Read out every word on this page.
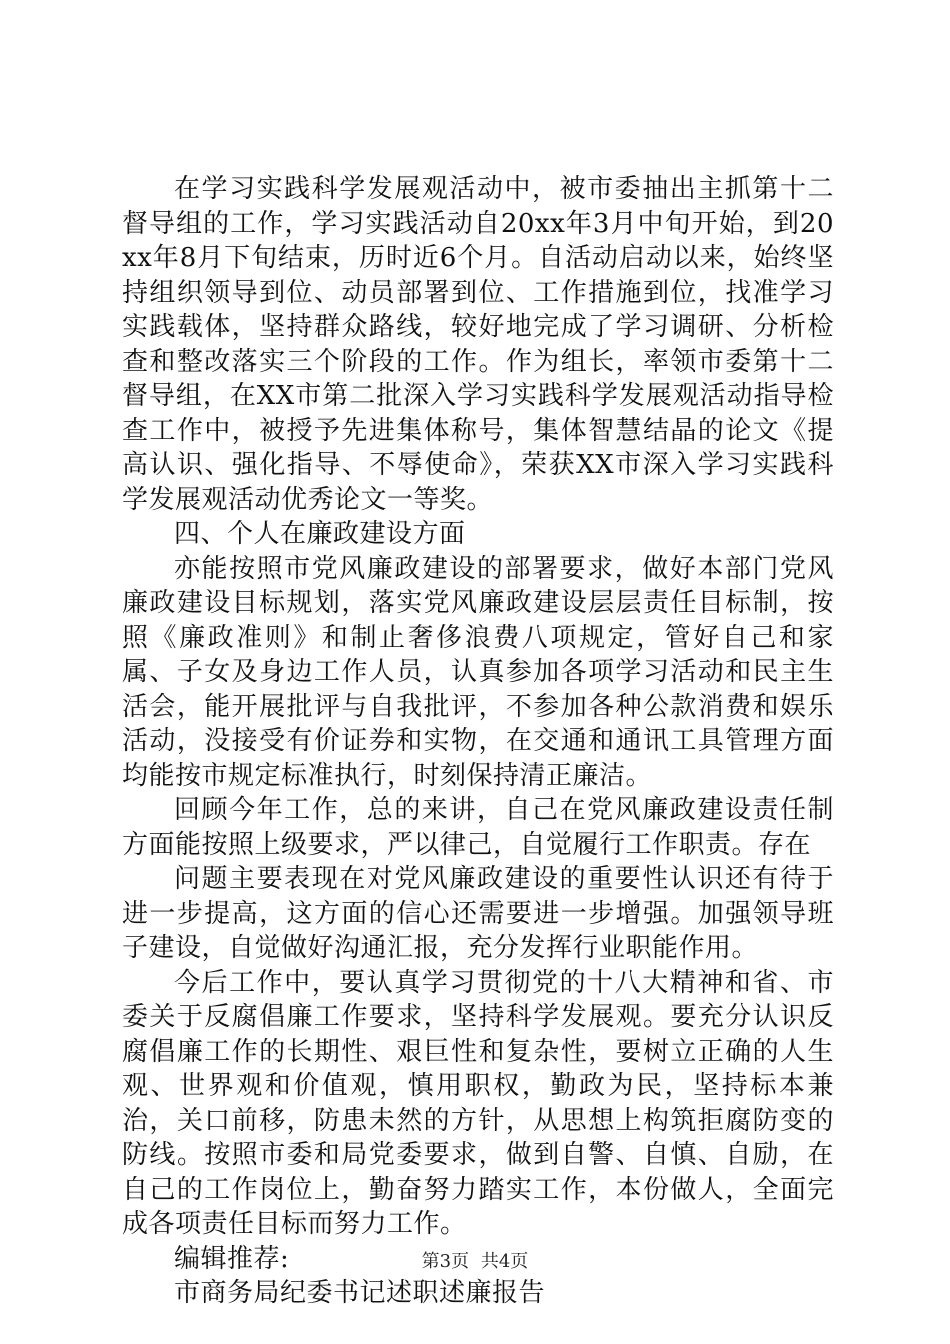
在学习实践科学发展观活动中，被市委抽出主抓第十二督导组的工作，学习实践活动自20xx年3月中旬开始，到20xx年8月下旬结束，历时近6个月。自活动启动以来，始终坚持组织领导到位、动员部署到位、工作措施到位，找准学习实践载体，坚持群众路线，较好地完成了学习调研、分析检查和整改落实三个阶段的工作。作为组长，率领市委第十二督导组，在XX市第二批深入学习实践科学发展观活动指导检查工作中，被授予先进集体称号，集体智慧结晶的论文《提高认识、强化指导、不辱使命》，荣获XX市深入学习实践科学发展观活动优秀论文一等奖。

四、个人在廉政建设方面

亦能按照市党风廉政建设的部署要求，做好本部门党风廉政建设目标规划，落实党风廉政建设层层责任目标制，按照《廉政准则》和制止奢侈浪费八项规定，管好自己和家属、子女及身边工作人员，认真参加各项学习活动和民主生活会，能开展批评与自我批评，不参加各种公款消费和娱乐活动，没接受有价证券和实物，在交通和通讯工具管理方面均能按市规定标准执行，时刻保持清正廉洁。

回顾今年工作，总的来讲，自己在党风廉政建设责任制方面能按照上级要求，严以律己，自觉履行工作职责。存在

问题主要表现在对党风廉政建设的重要性认识还有待于进一步提高，这方面的信心还需要进一步增强。加强领导班子建设，自觉做好沟通汇报，充分发挥行业职能作用。

今后工作中，要认真学习贯彻党的十八大精神和省、市委关于反腐倡廉工作要求，坚持科学发展观。要充分认识反腐倡廉工作的长期性、艰巨性和复杂性，要树立正确的人生观、世界观和价值观，慎用职权，勤政为民，坚持标本兼治，关口前移，防患未然的方针，从思想上构筑拒腐防变的防线。按照市委和局党委要求，做到自警、自慎、自励，在自己的工作岗位上，勤奋努力踏实工作，本份做人，全面完成各项责任目标而努力工作。

编辑推荐:

市商务局纪委书记述职述廉报告

第3页 共4页
